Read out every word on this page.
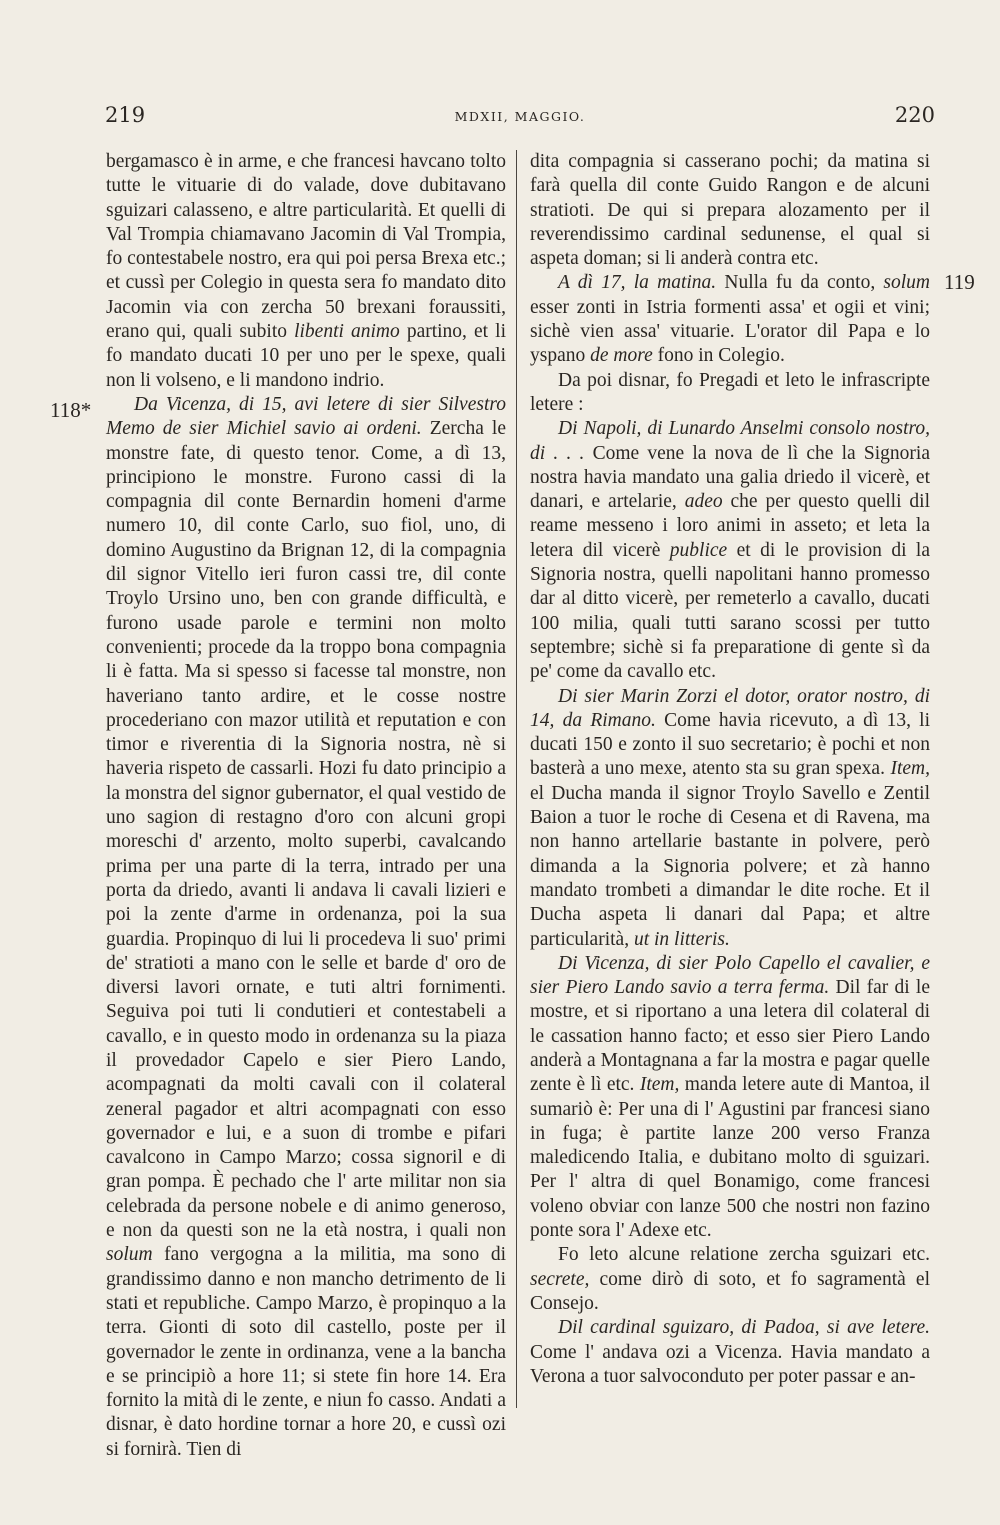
219	MDXII, MAGGIO.	220
118*
119

bergamasco è in arme, e che francesi havcano tolto tutte le vituarie di do valade, dove dubitavano sguizari calasseno, e altre particularità. Et quelli di Val Trompia chiamavano Jacomin di Val Trompia, fo contestabele nostro, era qui poi persa Brexa etc.; et cussì per Colegio in questa sera fo mandato dito Jacomin via con zercha 50 brexani foraussiti, erano qui, quali subito libenti animo partino, et li fo mandato ducati 10 per uno per le spexe, quali non li volseno, e li mandono indrio.

Da Vicenza, di 15, avi letere di sier Silvestro Memo de sier Michiel savio ai ordeni. Zercha le monstre fate, di questo tenor. Come, a dì 13, principiono le monstre. Furono cassi di la compagnia dil conte Bernardin homeni d'arme numero 10, dil conte Carlo, suo fiol, uno, di domino Augustino da Brignan 12, di la compagnia dil signor Vitello ieri furon cassi tre, dil conte Troylo Ursino uno, ben con grande difficultà, e furono usade parole e termini non molto convenienti; procede da la troppo bona compagnia li è fatta. Ma si spesso si facesse tal monstre, non haveriano tanto ardire, et le cosse nostre procederiano con mazor utilità et reputation e con timor e riverentia di la Signoria nostra, nè si haveria rispeto de cassarli. Hozi fu dato principio a la monstra del signor gubernator, el qual vestido de uno sagion di restagno d'oro con alcuni gropi moreschi d' arzento, molto superbi, cavalcando prima per una parte di la terra, intrado per una porta da driedo, avanti li andava li cavali lizieri e poi la zente d'arme in ordenanza, poi la sua guardia. Propinquo di lui li procedeva li suo' primi de' stratioti a mano con le selle et barde d' oro de diversi lavori ornate, e tuti altri fornimenti. Seguiva poi tuti li condutieri et contestabeli a cavallo, e in questo modo in ordenanza su la piaza il provedador Capelo e sier Piero Lando, acompagnati da molti cavali con il colateral zeneral pagador et altri acompagnati con esso governador e lui, e a suon di trombe e pifari cavalcono in Campo Marzo; cossa signoril e di gran pompa. È pechado che l' arte militar non sia celebrada da persone nobele e di animo generoso, e non da questi son ne la età nostra, i quali non solum fano vergogna a la militia, ma sono di grandissimo danno e non mancho detrimento de li stati et republiche. Campo Marzo, è propinquo a la terra. Gionti di soto dil castello, poste per il governador le zente in ordinanza, vene a la bancha e se principiò a hore 11; si stete fin hore 14. Era fornito la mità di le zente, e niun fo casso. Andati a disnar, è dato hordine tornar a hore 20, e cussì ozi si fornirà. Tien di

dita compagnia si casserano pochi; da matina si farà quella dil conte Guido Rangon e de alcuni stratioti. De qui si prepara alozamento per il reverendissimo cardinal sedunense, el qual si aspeta doman; si li anderà contra etc.

A dì 17, la matina. Nulla fu da conto, solum esser zonti in Istria formenti assa' et ogii et vini; sichè vien assa' vituarie. L'orator dil Papa e lo yspano de more fono in Colegio.

Da poi disnar, fo Pregadi et leto le infrascripte letere :

Di Napoli, di Lunardo Anselmi consolo nostro, di . . . Come vene la nova de lì che la Signoria nostra havia mandato una galia driedo il vicerè, et danari, e artelarie, adeo che per questo quelli dil reame messeno i loro animi in asseto; et leta la letera dil vicerè publice et di le provision di la Signoria nostra, quelli napolitani hanno promesso dar al ditto vicerè, per remeterlo a cavallo, ducati 100 milia, quali tutti sarano scossi per tutto septembre; sichè si fa preparatione di gente sì da pe' come da cavallo etc.

Di sier Marin Zorzi el dotor, orator nostro, di 14, da Rimano. Come havia ricevuto, a dì 13, li ducati 150 e zonto il suo secretario; è pochi et non basterà a uno mexe, atento sta su gran spexa. Item, el Ducha manda il signor Troylo Savello e Zentil Baion a tuor le roche di Cesena et di Ravena, ma non hanno artellarie bastante in polvere, però dimanda a la Signoria polvere; et zà hanno mandato trombeti a dimandar le dite roche. Et il Ducha aspeta li danari dal Papa; et altre particularità, ut in litteris.

Di Vicenza, di sier Polo Capello el cavalier, e sier Piero Lando savio a terra ferma. Dil far di le mostre, et si riportano a una letera dil colateral di le cassation hanno facto; et esso sier Piero Lando anderà a Montagnana a far la mostra e pagar quelle zente è lì etc. Item, manda letere aute di Mantoa, il sumariò è: Per una di l' Agustini par francesi siano in fuga; è partite lanze 200 verso Franza maledicendo Italia, e dubitano molto di sguizari. Per l' altra di quel Bonamigo, come francesi voleno obviar con lanze 500 che nostri non fazino ponte sora l' Adexe etc.

Fo leto alcune relatione zercha sguizari etc. secrete, come dirò di soto, et fo sagramentà el Consejo.

Dil cardinal sguizaro, di Padoa, si ave letere. Come l' andava ozi a Vicenza. Havia mandato a Verona a tuor salvoconduto per poter passar e an-
